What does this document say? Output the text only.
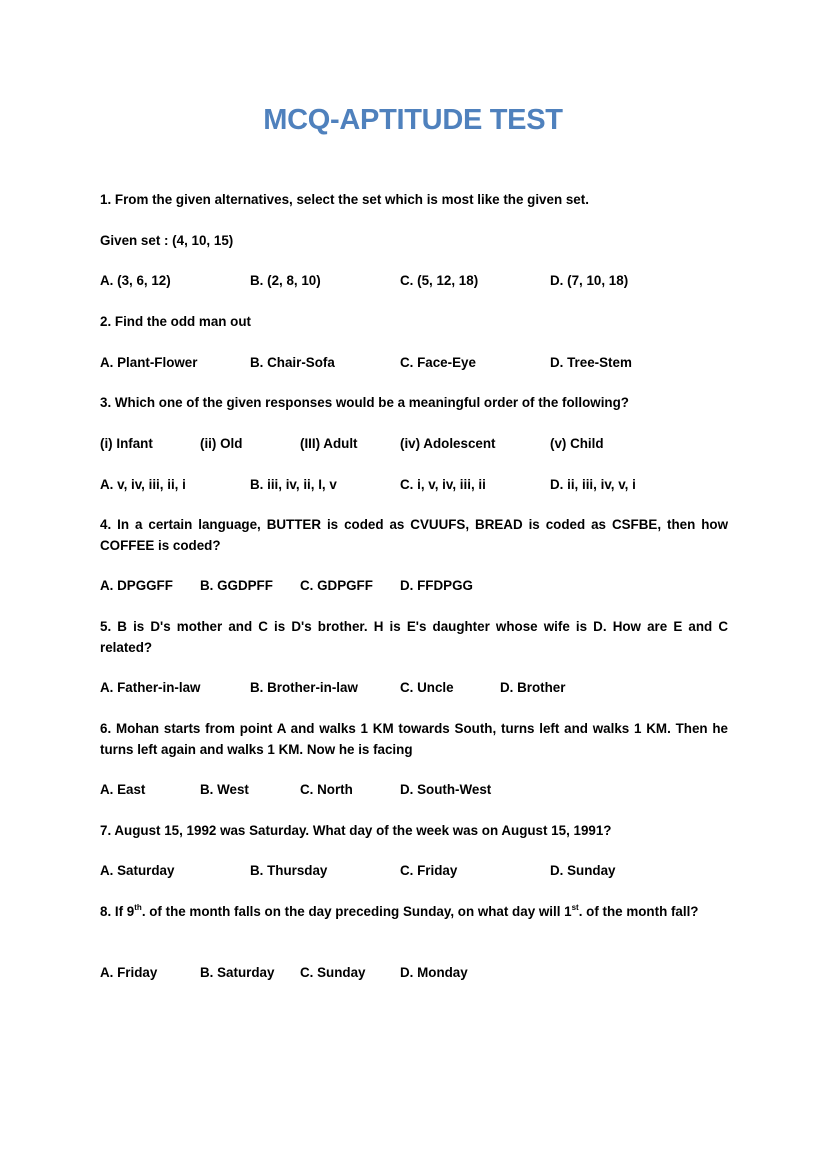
MCQ-APTITUDE TEST
1. From the given alternatives, select the set which is most like the given set.
Given set : (4, 10, 15)
A. (3, 6, 12)	B. (2, 8, 10)	C. (5, 12, 18)	D. (7, 10, 18)
2. Find the odd man out
A. Plant-Flower	B. Chair-Sofa	C. Face-Eye	D. Tree-Stem
3. Which one of the given responses would be a meaningful order of the following?
(i) Infant	(ii) Old	(III) Adult	(iv) Adolescent	(v) Child
A. v, iv, iii, ii, i	B. iii, iv, ii, I, v	C. i, v, iv, iii, ii	D. ii, iii, iv, v, i
4. In a certain language, BUTTER is coded as CVUUFS, BREAD is coded as CSFBE, then how COFFEE is coded?
A. DPGGFF B. GGDPFF C. GDPGFF D. FFDPGG
5. B is D's mother and C is D's brother. H is E's daughter whose wife is D. How are E and C related?
A. Father-in-law	B. Brother-in-law	C. Uncle	D. Brother
6. Mohan starts from point A and walks 1 KM towards South, turns left and walks 1 KM. Then he turns left again and walks 1 KM. Now he is facing
A. East	B. West	C. North	D. South-West
7. August 15, 1992 was Saturday. What day of the week was on August 15, 1991?
A. Saturday	B. Thursday	C. Friday	D. Sunday
8. If 9th. of the month falls on the day preceding Sunday, on what day will 1st. of the month fall?
A. Friday	B. Saturday C. Sunday	D. Monday
